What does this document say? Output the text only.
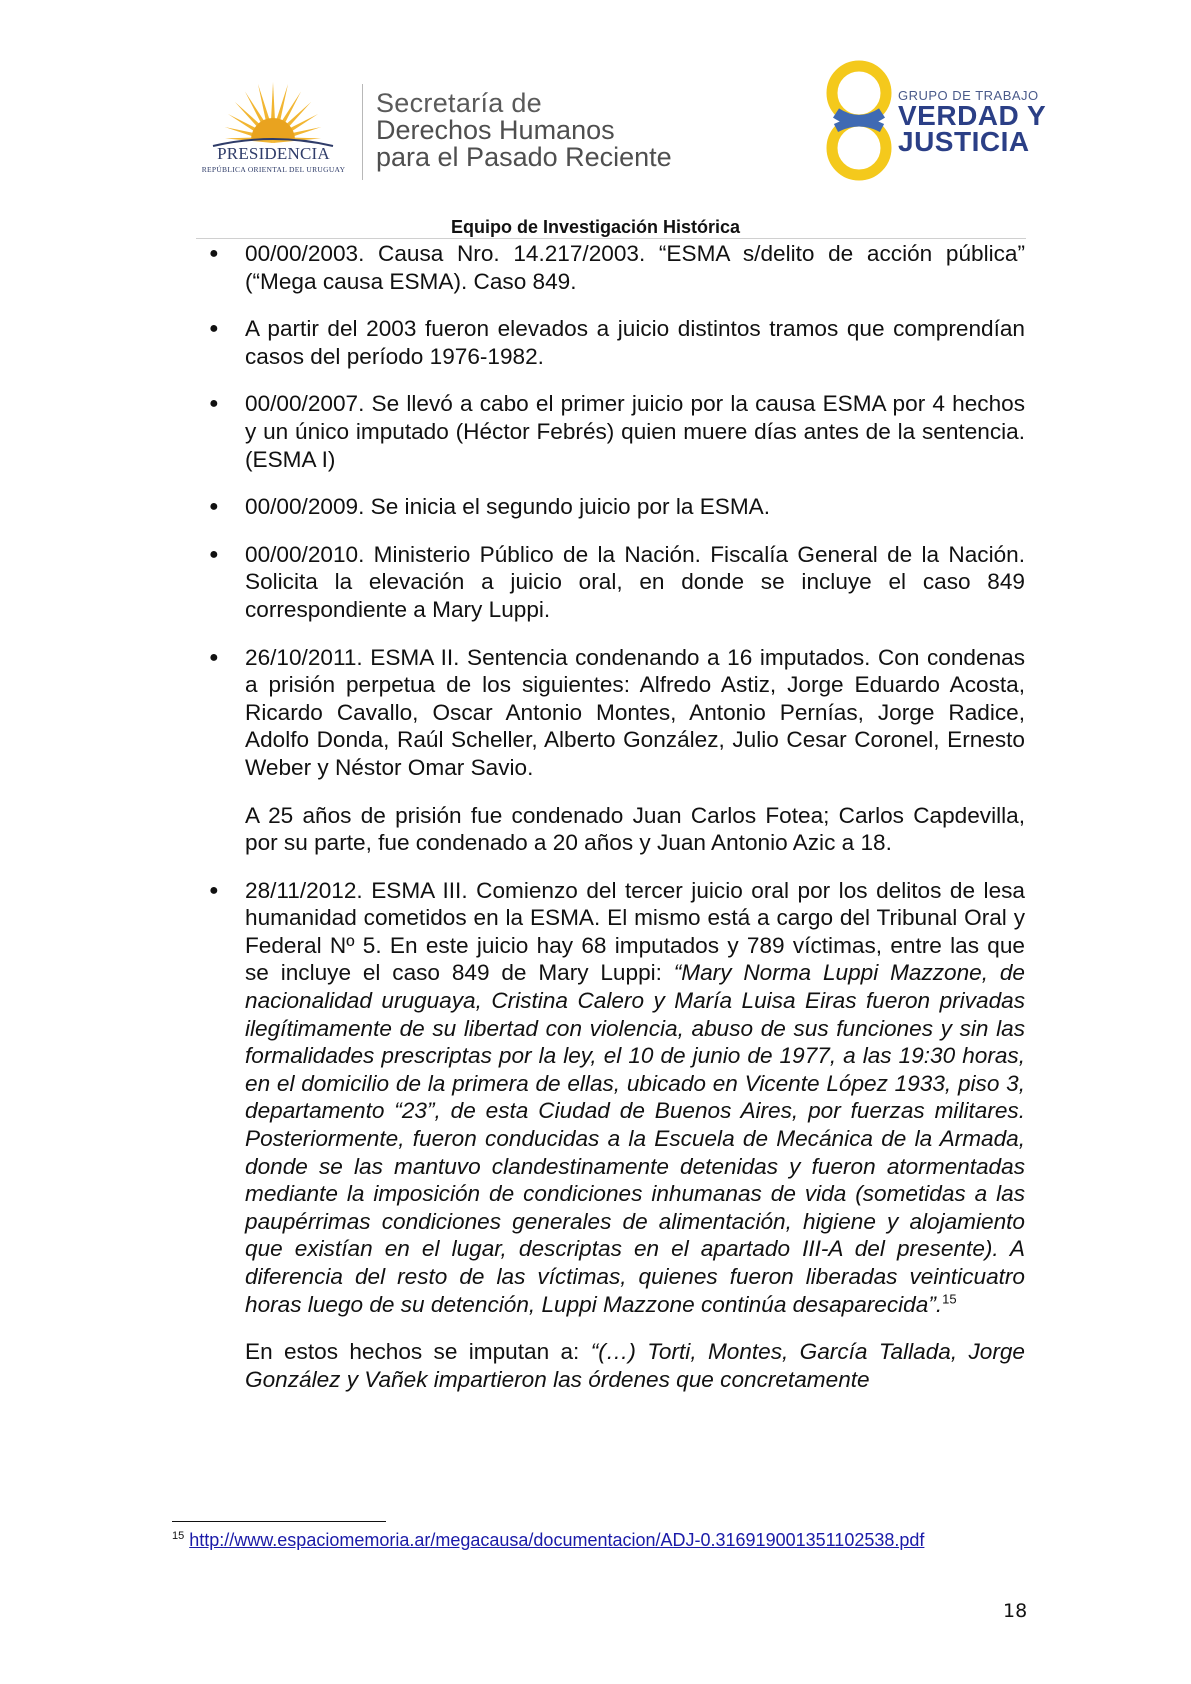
PRESIDENCIA
REPÚBLICA ORIENTAL DEL URUGUAY
Secretaría de
Derechos Humanos
para el Pasado Reciente
GRUPO DE TRABAJO
VERDAD Y
JUSTICIA
Equipo de Investigación Histórica
● 00/00/2003. Causa Nro. 14.217/2003. “ESMA s/delito de acción pública” (“Mega causa ESMA). Caso 849.
● A partir del 2003 fueron elevados a juicio distintos tramos que comprendían casos del período 1976-1982.
● 00/00/2007. Se llevó a cabo el primer juicio por la causa ESMA por 4 hechos y un único imputado (Héctor Febrés) quien muere días antes de la sentencia. (ESMA I)
● 00/00/2009. Se inicia el segundo juicio por la ESMA.
● 00/00/2010. Ministerio Público de la Nación. Fiscalía General de la Nación. Solicita la elevación a juicio oral, en donde se incluye el caso 849 correspondiente a Mary Luppi.
● 26/10/2011. ESMA II. Sentencia condenando a 16 imputados. Con condenas a prisión perpetua de los siguientes: Alfredo Astiz, Jorge Eduardo Acosta, Ricardo Cavallo, Oscar Antonio Montes, Antonio Pernías, Jorge Radice, Adolfo Donda, Raúl Scheller, Alberto González, Julio Cesar Coronel, Ernesto Weber y Néstor Omar Savio.

A 25 años de prisión fue condenado Juan Carlos Fotea; Carlos Capdevilla, por su parte, fue condenado a 20 años y Juan Antonio Azic a 18.

● 28/11/2012. ESMA III. Comienzo del tercer juicio oral por los delitos de lesa humanidad cometidos en la ESMA. El mismo está a cargo del Tribunal Oral y Federal Nº 5. En este juicio hay 68 imputados y 789 víctimas, entre las que se incluye el caso 849 de Mary Luppi: “Mary Norma Luppi Mazzone, de nacionalidad uruguaya, Cristina Calero y María Luisa Eiras fueron privadas ilegítimamente de su libertad con violencia, abuso de sus funciones y sin las formalidades prescriptas por la ley, el 10 de junio de 1977, a las 19:30 horas, en el domicilio de la primera de ellas, ubicado en Vicente López 1933, piso 3, departamento “23”, de esta Ciudad de Buenos Aires, por fuerzas militares. Posteriormente, fueron conducidas a la Escuela de Mecánica de la Armada, donde se las mantuvo clandestinamente detenidas y fueron atormentadas mediante la imposición de condiciones inhumanas de vida (sometidas a las paupérrimas condiciones generales de alimentación, higiene y alojamiento que existían en el lugar, descriptas en el apartado III-A del presente). A diferencia del resto de las víctimas, quienes fueron liberadas veinticuatro horas luego de su detención, Luppi Mazzone continúa desaparecida”.$^{15}$

En estos hechos se imputan a: “(…) Torti, Montes, García Tallada, Jorge González y Vañek impartieron las órdenes que concretamente

$^{15}$ http://www.espaciomemoria.ar/megacausa/documentacion/ADJ-0.316919001351102538.pdf
18
